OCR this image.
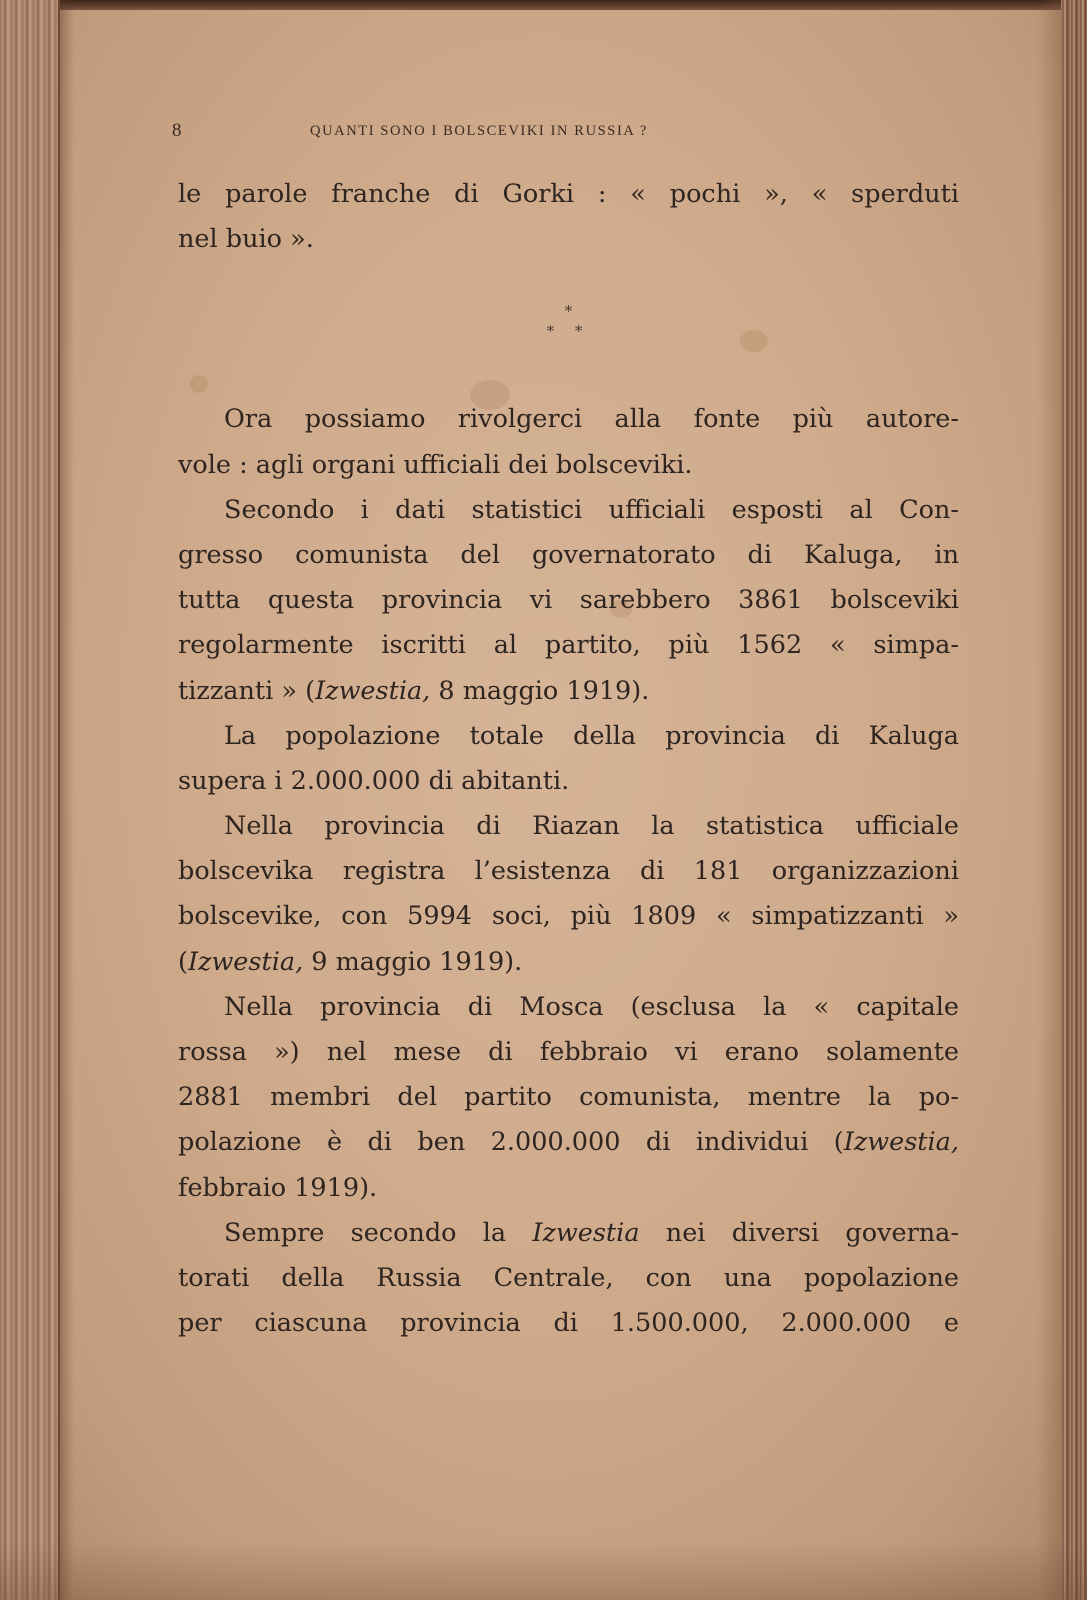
8	QUANTI SONO I BOLSCEVIKI IN RUSSIA ?
le parole franche di Gorki : « pochi », « sperduti
nel buio ».
*
* *
Ora possiamo rivolgerci alla fonte più autore-
vole : agli organi ufficiali dei bolsceviki.
Secondo i dati statistici ufficiali esposti al Con-
gresso comunista del governatorato di Kaluga, in
tutta questa provincia vi sarebbero 3861 bolsceviki
regolarmente iscritti al partito, più 1562 « simpa-
tizzanti » (Izwestia, 8 maggio 1919).
La popolazione totale della provincia di Kaluga
supera i 2.000.000 di abitanti.
Nella provincia di Riazan la statistica ufficiale
bolscevika registra l’esistenza di 181 organizzazioni
bolscevike, con 5994 soci, più 1809 « simpatizzanti »
(Izwestia, 9 maggio 1919).
Nella provincia di Mosca (esclusa la « capitale
rossa ») nel mese di febbraio vi erano solamente
2881 membri del partito comunista, mentre la po-
polazione è di ben 2.000.000 di individui (Izwestia,
febbraio 1919).
Sempre secondo la Izwestia nei diversi governa-
torati della Russia Centrale, con una popolazione
per ciascuna provincia di 1.500.000, 2.000.000 e
